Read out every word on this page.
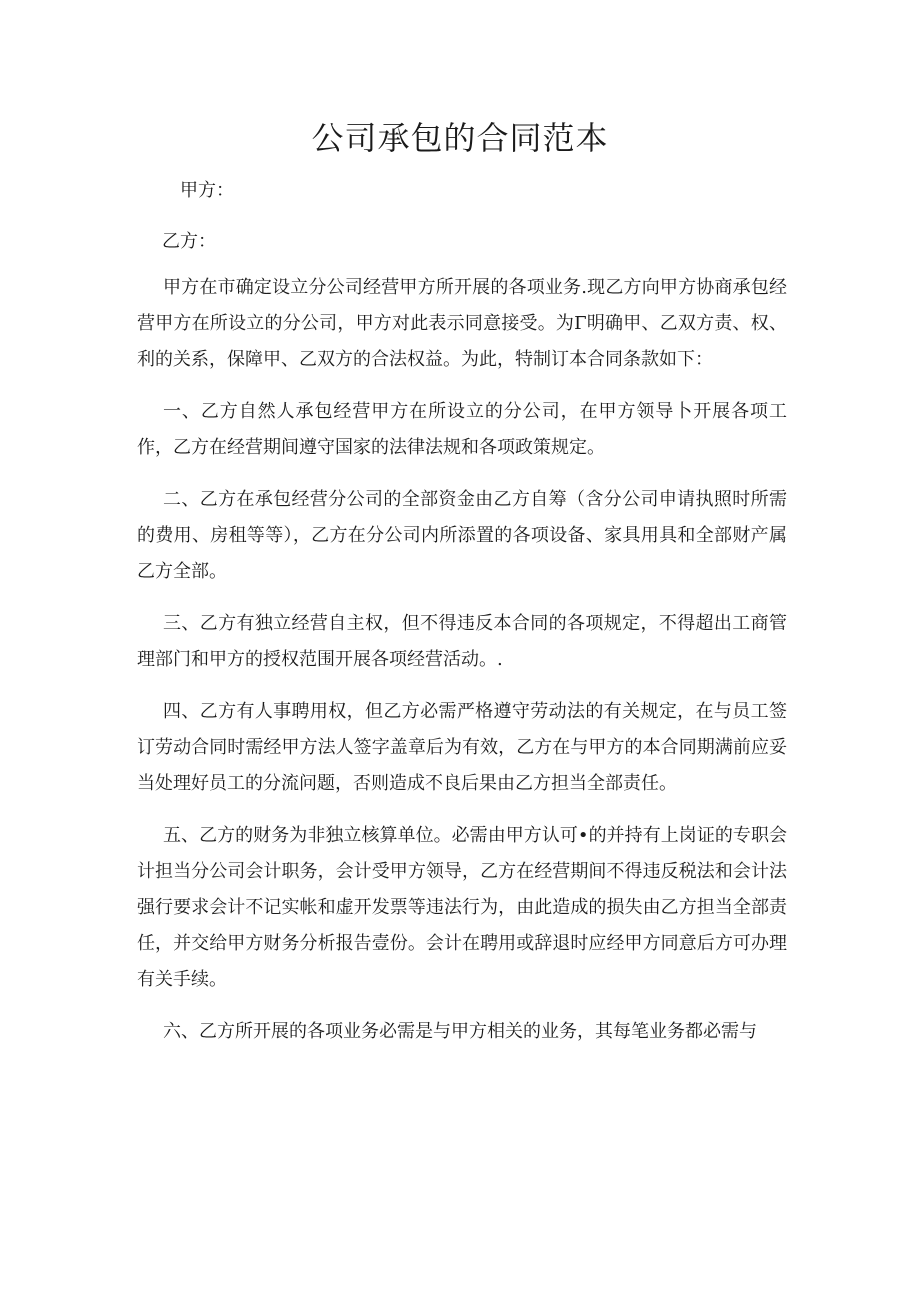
公司承包的合同范本
甲方：
乙方：

甲方在市确定设立分公司经营甲方所开展的各项业务.现乙方向甲方协商承包经营甲方在所设立的分公司，甲方对此表示同意接受。为Γ明确甲、乙双方责、权、利的关系，保障甲、乙双方的合法权益。为此，特制订本合同条款如下：

一、乙方自然人承包经营甲方在所设立的分公司，在甲方领导卜开展各项工作，乙方在经营期间遵守国家的法律法规和各项政策规定。

二、乙方在承包经营分公司的全部资金由乙方自筹（含分公司申请执照时所需的费用、房租等等），乙方在分公司内所添置的各项设备、家具用具和全部财产属乙方全部。

三、乙方有独立经营自主权，但不得违反本合同的各项规定，不得超出工商管理部门和甲方的授权范围开展各项经营活动。.

四、乙方有人事聘用权，但乙方必需严格遵守劳动法的有关规定，在与员工签订劳动合同时需经甲方法人签字盖章后为有效，乙方在与甲方的本合同期满前应妥当处理好员工的分流问题，否则造成不良后果由乙方担当全部责任。

五、乙方的财务为非独立核算单位。必需由甲方认可•的并持有上岗证的专职会计担当分公司会计职务，会计受甲方领导，乙方在经营期间不得违反税法和会计法强行要求会计不记实帐和虚开发票等违法行为，由此造成的损失由乙方担当全部责任，并交给甲方财务分析报告壹份。会计在聘用或辞退时应经甲方同意后方可办理有关手续。

六、乙方所开展的各项业务必需是与甲方相关的业务，其每笔业务都必需与
